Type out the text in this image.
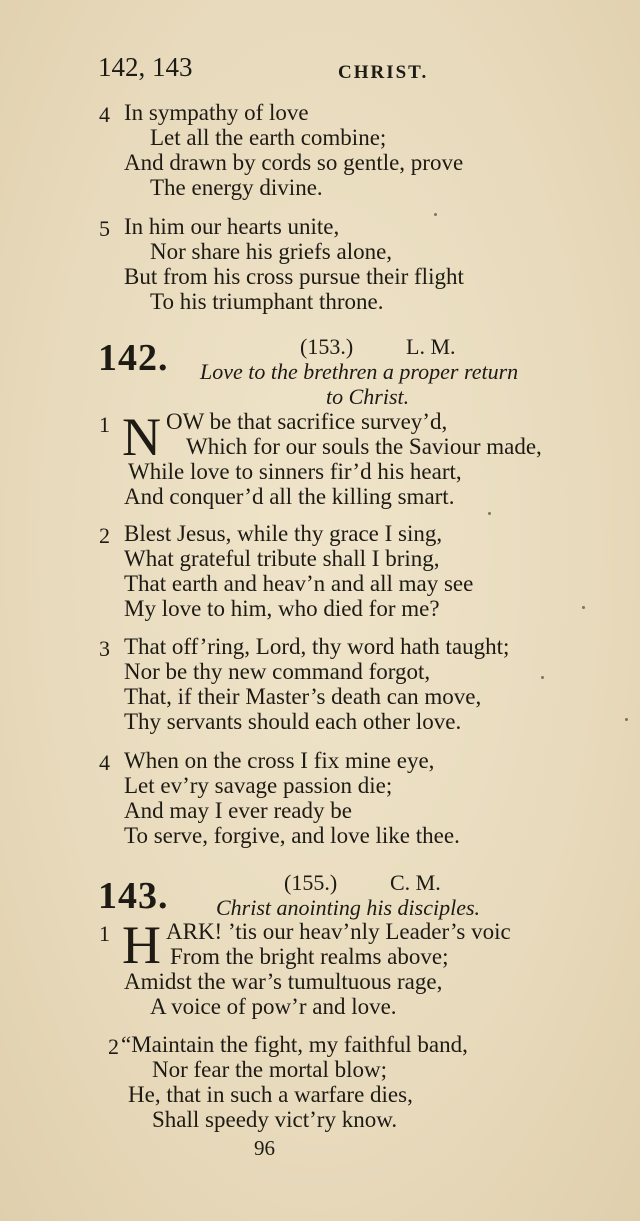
142, 143	CHRIST.
4 In sympathy of love
Let all the earth combine;
And drawn by cords so gentle, prove
The energy divine.
5 In him our hearts unite,
Nor share his griefs alone,
But from his cross pursue their flight
To his triumphant throne.
142.	(153.) L. M.
Love to the brethren a proper return
to Christ.
1 N OW be that sacrifice survey’d,
Which for our souls the Saviour made,
While love to sinners fir’d his heart,
And conquer’d all the killing smart.
2 Blest Jesus, while thy grace I sing,
What grateful tribute shall I bring,
That earth and heav’n and all may see
My love to him, who died for me?
3 That off’ring, Lord, thy word hath taught;
Nor be thy new command forgot,
That, if their Master’s death can move,
Thy servants should each other love.
4 When on the cross I fix mine eye,
Let ev’ry savage passion die;
And may I ever ready be
To serve, forgive, and love like thee.
143.	(155.) C. M.
Christ anointing his disciples.
1 H ARK! ’tis our heav’nly Leader’s voic
From the bright realms above;
Amidst the war’s tumultuous rage,
A voice of pow’r and love.
2 “Maintain the fight, my faithful band,
Nor fear the mortal blow;
He, that in such a warfare dies,
Shall speedy vict’ry know.
96
